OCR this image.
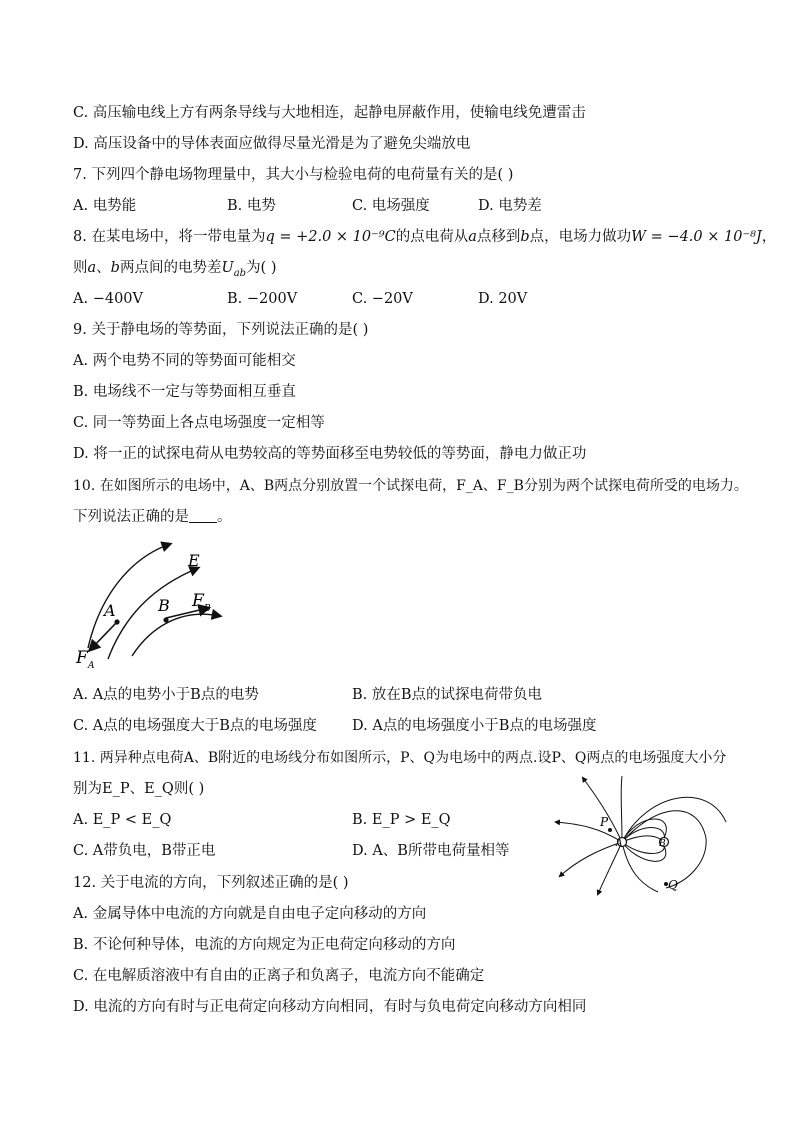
C. 高压输电线上方有两条导线与大地相连，起静电屏蔽作用，使输电线免遭雷击
D. 高压设备中的导体表面应做得尽量光滑是为了避免尖端放电
7. 下列四个静电场物理量中，其大小与检验电荷的电荷量有关的是( )
A. 电势能	B. 电势	C. 电场强度	D. 电势差
8. 在某电场中，将一带电量为q = +2.0 × 10⁻⁹C的点电荷从a点移到b点，电场力做功W = −4.0 × 10⁻⁸J，
则a、b两点间的电势差$U_{ab}$为( )
A. −400V	B. −200V	C. −20V	D. 20V
9. 关于静电场的等势面，下列说法正确的是( )
A. 两个电势不同的等势面可能相交
B. 电场线不一定与等势面相互垂直
C. 同一等势面上各点电场强度一定相等
D. 将一正的试探电荷从电势较高的等势面移至电势较低的等势面，静电力做正功
10. 在如图所示的电场中，A、B两点分别放置一个试探电荷，F_A、F_B分别为两个试探电荷所受的电场力。
下列说法正确的是 。
E
A	B F B
F A
A. A点的电势小于B点的电势	B. 放在B点的试探电荷带负电
C. A点的电场强度大于B点的电场强度 D. A点的电场强度小于B点的电场强度
11. 两异种点电荷A、B附近的电场线分布如图所示，P、Q为电场中的两点.设P、Q两点的电场强度大小分
别为E_P、E_Q则( )
A. E_P < E_Q	B. E_P > E_Q
C. A带负电，B带正电	D. A、B所带电荷量相等
P
Q
A	B
12. 关于电流的方向，下列叙述正确的是( )
A. 金属导体中电流的方向就是自由电子定向移动的方向
B. 不论何种导体，电流的方向规定为正电荷定向移动的方向
C. 在电解质溶液中有自由的正离子和负离子，电流方向不能确定
D. 电流的方向有时与正电荷定向移动方向相同，有时与负电荷定向移动方向相同
